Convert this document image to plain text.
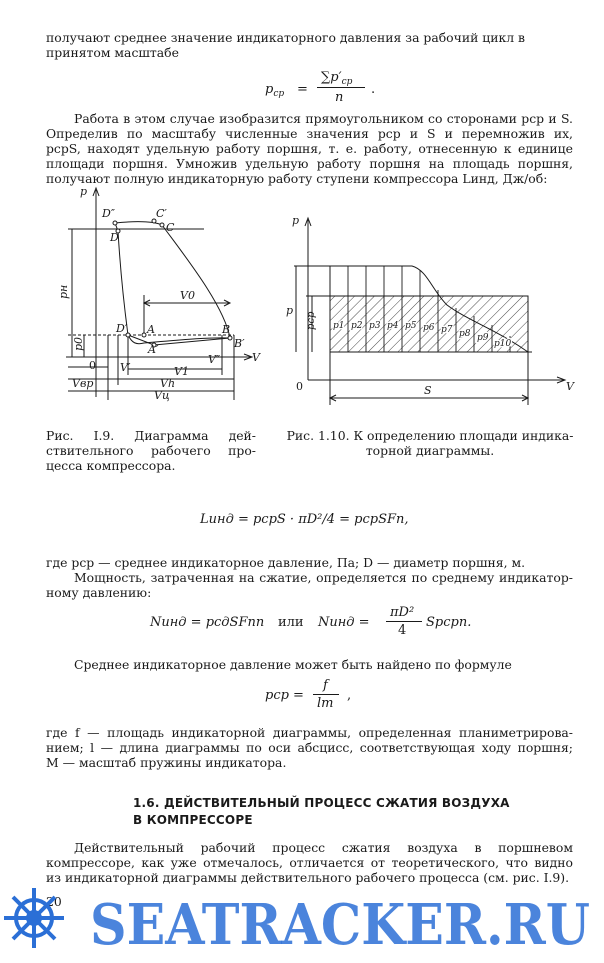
получают среднее значение индикаторного давления за рабочий цикл в принятом масштабе

$p_{ср}$ =
$\sum p'_{ср}$
n
.

Работа в этом случае изобразится прямоугольником со сторонами pср и S.

Определив по масштабу численные значения pср и S и перемножив их,

pсрS, находят удельную работу поршня, т. е. работу, отнесенную к единице

площади поршня. Умножив удельную работу поршня на площадь поршня,

получают полную индикаторную работу ступени компрессора Lинд, Дж/об:

p
V
D″	C′
D
C
D′ A
A′
B
B′
pн
p0
V0
V′	V1
V″
Vвр	Vh
Vц
0
p
V
0
p
pср
S
p1 p2 p3 p4 p5 p6 p7 p8 p9
p10
Рис. I.9. Диаграмма дей-
ствительного рабочего про-
цесса компрессора.
Рис. 1.10. К определению площади индика-
торной диаграммы.
Lинд = pсрS · πD²/4 = pсрSFп,

где pср — среднее индикаторное давление, Па; D — диаметр поршня, м.

Мощность, затраченная на сжатие, определяется по среднему индикатор-

ному давлению:

Nинд = pсдSFпn или Nинд =
πD²
4
Spсрn.

Среднее индикаторное давление может быть найдено по формуле

pср =
f
lm
,

где f — площадь индикаторной диаграммы, определенная планиметрирова-

нием; l — длина диаграммы по оси абсцисс, соответствующая ходу поршня;

M — масштаб пружины индикатора.

1.6. ДЕЙСТВИТЕЛЬНЫЙ ПРОЦЕСС СЖАТИЯ ВОЗДУХА
В КОМПРЕССОРЕ

Действительный рабочий процесс сжатия воздуха в поршневом

компрессоре, как уже отмечалось, отличается от теоретического, что видно

из индикаторной диаграммы действительного рабочего процесса (см. рис. I.9).

20 SEATRACKER.RU
